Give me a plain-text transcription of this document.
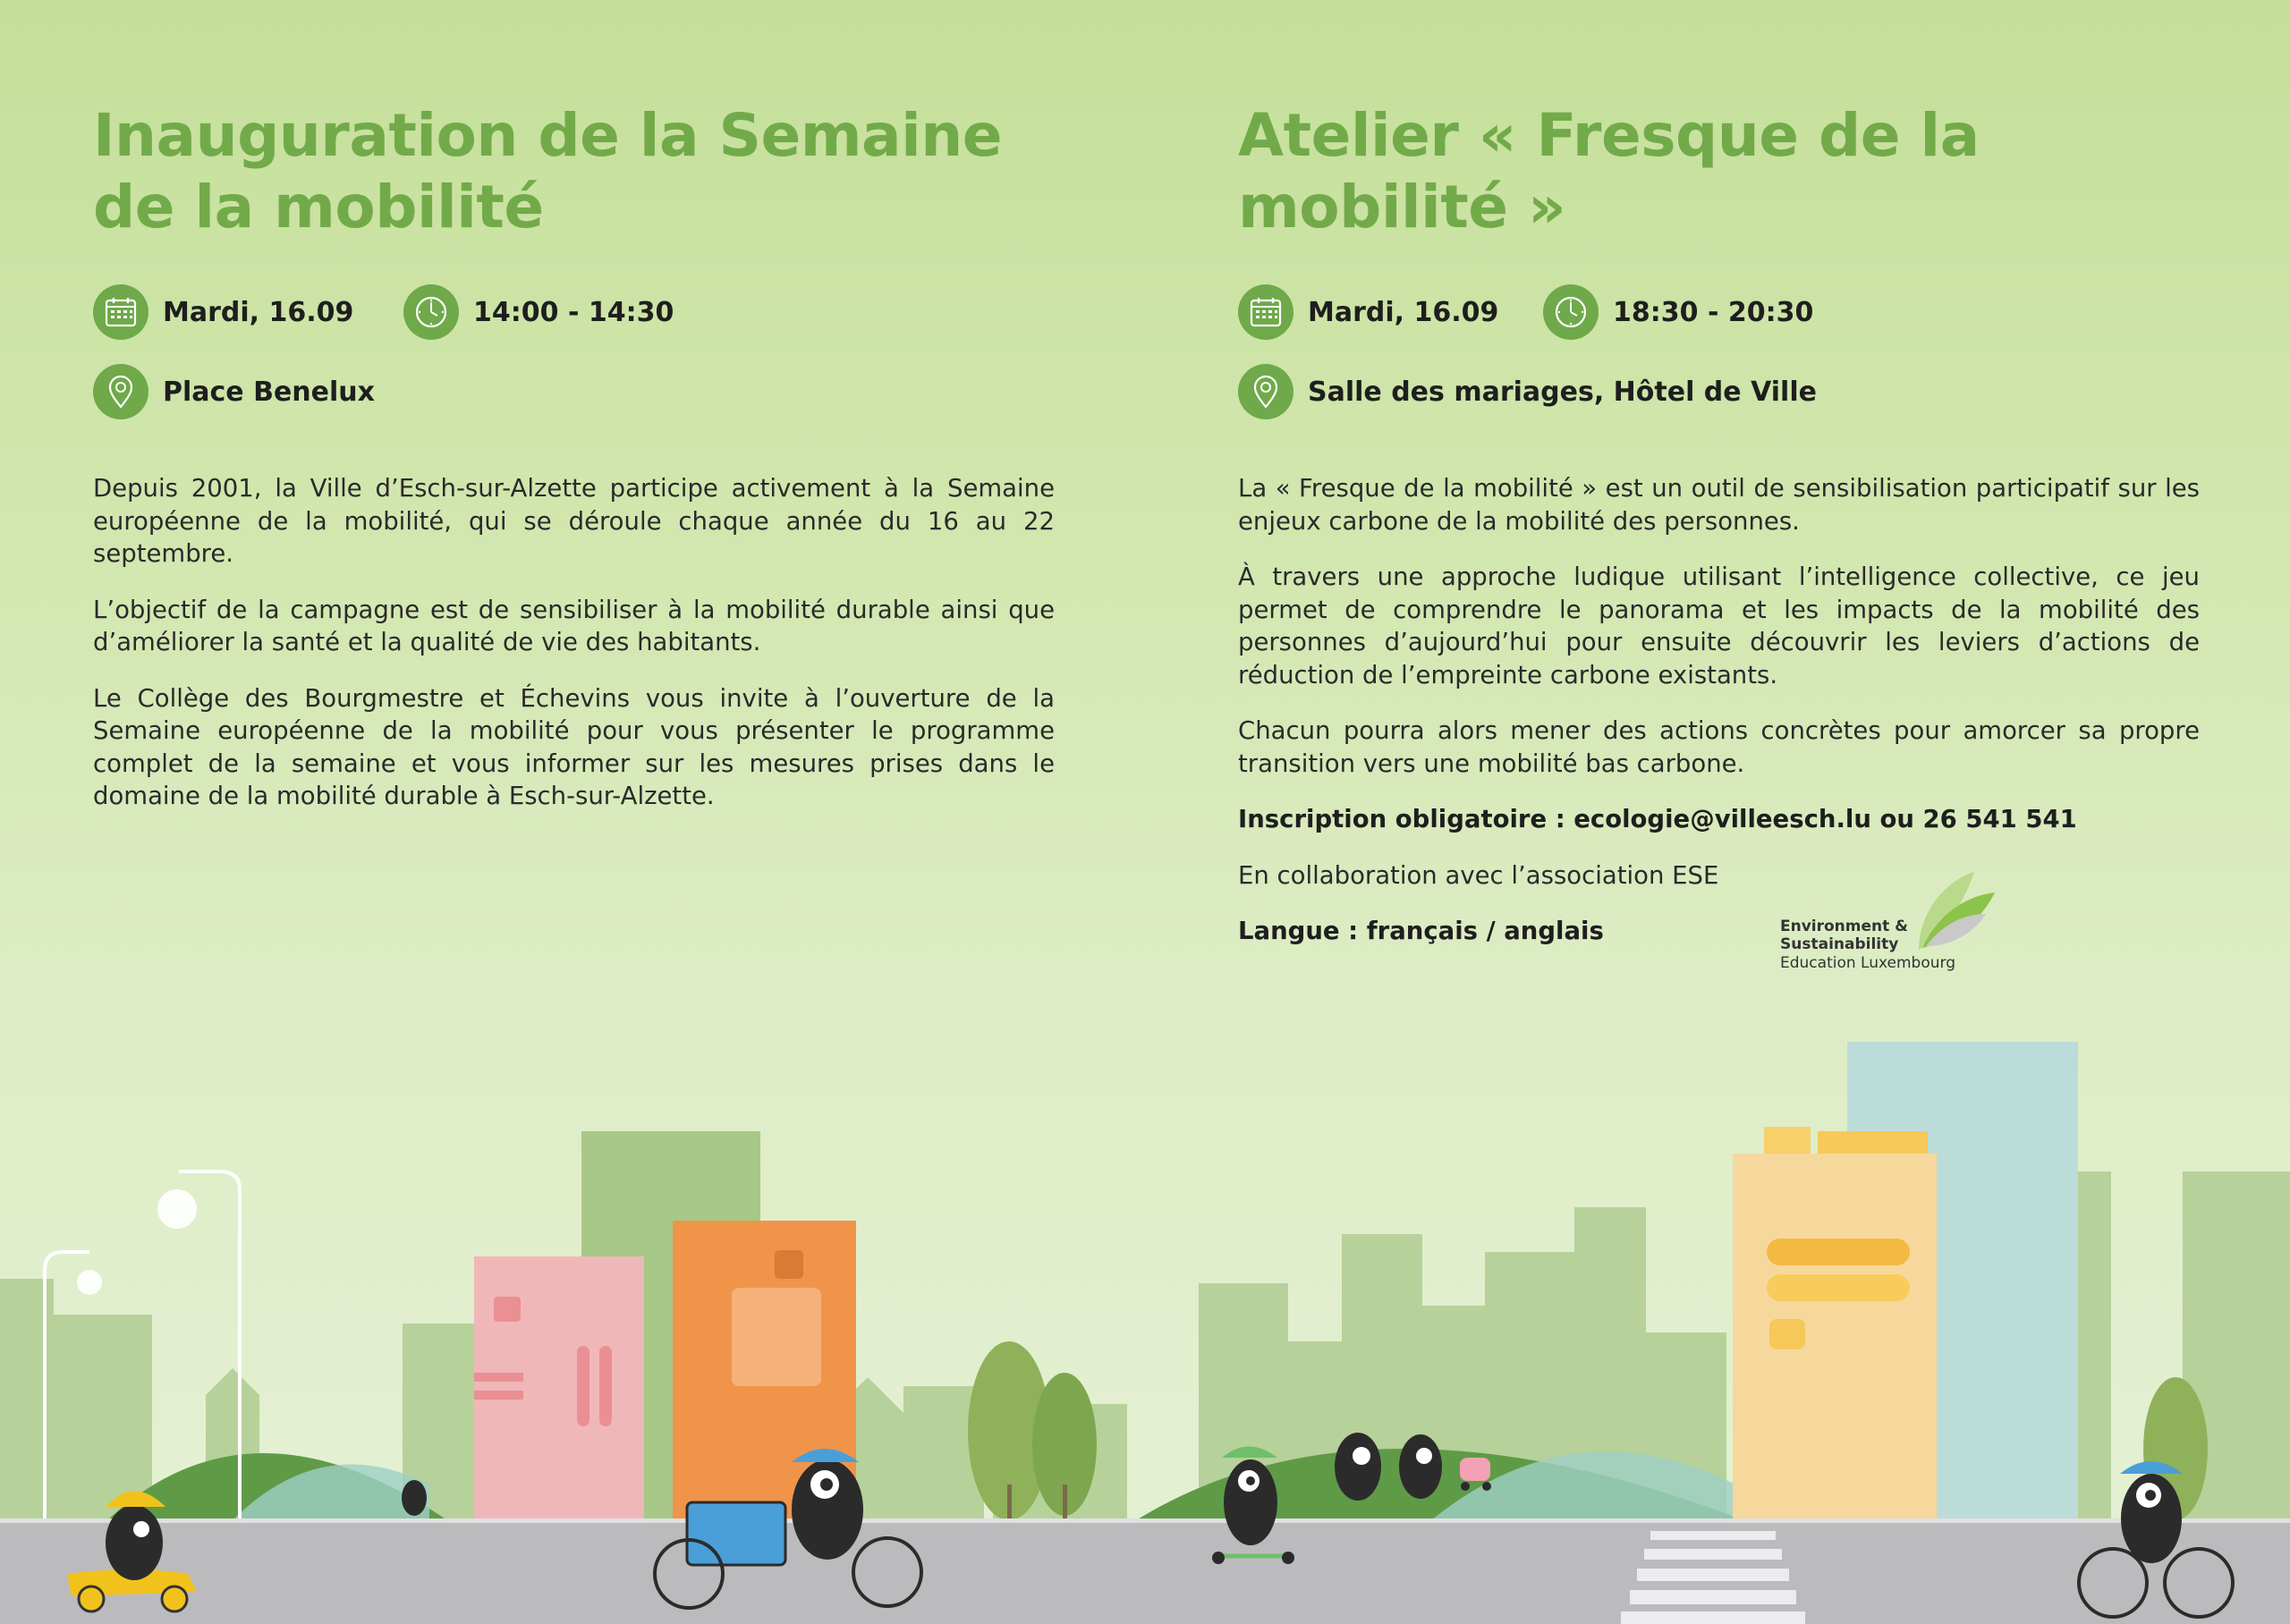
Inauguration de la Semaine
de la mobilité
Mardi, 16.09	14:00 - 14:30
Place Benelux

Depuis 2001, la Ville d’Esch-sur-Alzette participe activement à la Semaine européenne de la mobilité, qui se déroule chaque année du 16 au 22 septembre.

L’objectif de la campagne est de sensibiliser à la mobilité durable ainsi que d’améliorer la santé et la qualité de vie des habitants.

Le Collège des Bourgmestre et Échevins vous invite à l’ouverture de la Semaine européenne de la mobilité pour vous présenter le programme complet de la semaine et vous informer sur les mesures prises dans le domaine de la mobilité durable à Esch-sur-Alzette.

Atelier « Fresque de la
mobilité »
Mardi, 16.09	18:30 - 20:30
Salle des mariages, Hôtel de Ville

La « Fresque de la mobilité » est un outil de sensibilisation participatif sur les enjeux carbone de la mobilité des personnes.

À travers une approche ludique utilisant l’intelligence collective, ce jeu permet de comprendre le panorama et les impacts de la mobilité des personnes d’aujourd’hui pour ensuite découvrir les leviers d’actions de réduction de l’empreinte carbone existants.

Chacun pourra alors mener des actions concrètes pour amorcer sa propre transition vers une mobilité bas carbone.

Inscription obligatoire : ecologie@villeesch.lu ou 26 541 541

En collaboration avec l’association ESE

Langue : français / anglais	Environment &
Sustainability
Education Luxembourg
